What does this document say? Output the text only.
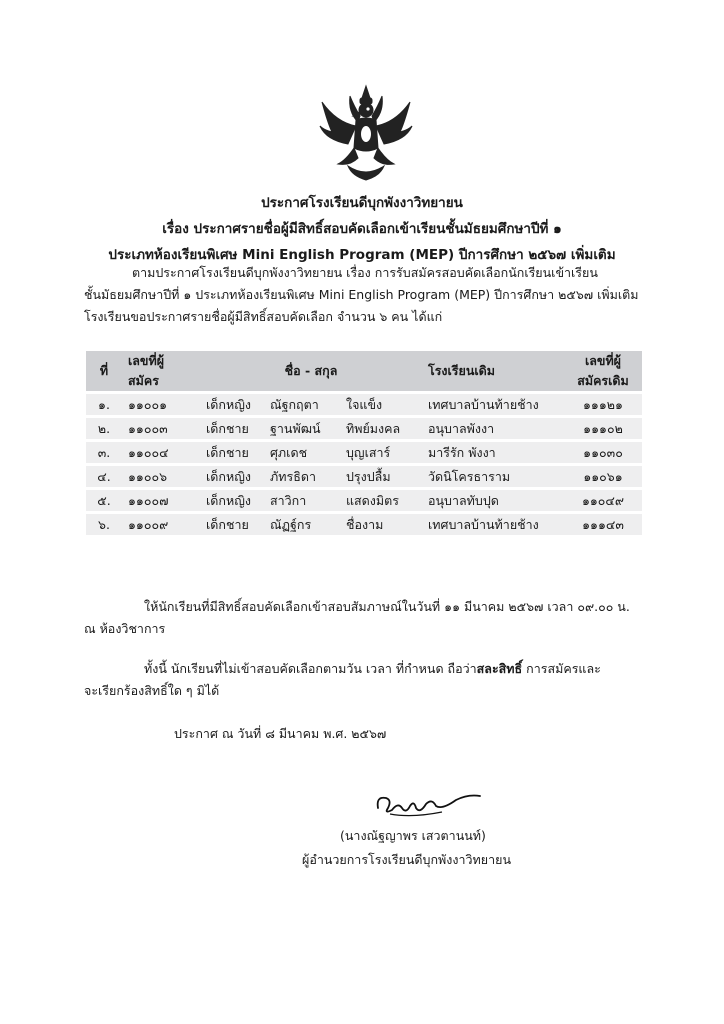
ประกาศโรงเรียนดีบุกพังงาวิทยายน
เรื่อง ประกาศรายชื่อผู้มีสิทธิ์สอบคัดเลือกเข้าเรียนชั้นมัธยมศึกษาปีที่ ๑
ประเภทห้องเรียนพิเศษ Mini English Program (MEP) ปีการศึกษา ๒๕๖๗ เพิ่มเติม
ตามประกาศโรงเรียนดีบุกพังงาวิทยายน เรื่อง การรับสมัครสอบคัดเลือกนักเรียนเข้าเรียน
ชั้นมัธยมศึกษาปีที่ ๑ ประเภทห้องเรียนพิเศษ Mini English Program (MEP) ปีการศึกษา ๒๕๖๗ เพิ่มเติม
โรงเรียนขอประกาศรายชื่อผู้มีสิทธิ์สอบคัดเลือก จำนวน ๖ คน ได้แก่
ที่	เลขที่ผู้สมัคร	ชื่อ - สกุล			โรงเรียนเดิม	เลขที่ผู้สมัครเดิม
๑.	๑๑๐๐๑	เด็กหญิง	ณัฐกฤตา	ใจแข็ง	เทศบาลบ้านท้ายช้าง	๑๑๑๒๑
๒.	๑๑๐๐๓	เด็กชาย	ฐานพัฒน์	ทิพย์มงคล	อนุบาลพังงา	๑๑๑๐๒
๓.	๑๑๐๐๔	เด็กชาย	ศุภเดช	บุญเสาร์	มารีรัก พังงา	๑๑๐๓๐
๔.	๑๑๐๐๖	เด็กหญิง	ภัทรธิดา	ปรุงปลื้ม	วัดนิโครธาราม	๑๑๐๖๑
๕.	๑๑๐๐๗	เด็กหญิง	สาวิกา	แสดงมิตร	อนุบาลทับปุด	๑๑๐๔๙
๖.	๑๑๐๐๙	เด็กชาย	ณัฏฐ์กร	ชื่องาม	เทศบาลบ้านท้ายช้าง	๑๑๑๔๓
ให้นักเรียนที่มีสิทธิ์สอบคัดเลือกเข้าสอบสัมภาษณ์ในวันที่ ๑๑ มีนาคม ๒๕๖๗ เวลา ๐๙.๐๐ น.
ณ ห้องวิชาการ
ทั้งนี้ นักเรียนที่ไม่เข้าสอบคัดเลือกตามวัน เวลา ที่กำหนด ถือว่าสละสิทธิ์ การสมัครและ
จะเรียกร้องสิทธิ์ใด ๆ มิได้
ประกาศ ณ วันที่ ๘ มีนาคม พ.ศ. ๒๕๖๗
(นางณัฐญาพร เสวตานนท์)
ผู้อำนวยการโรงเรียนดีบุกพังงาวิทยายน
